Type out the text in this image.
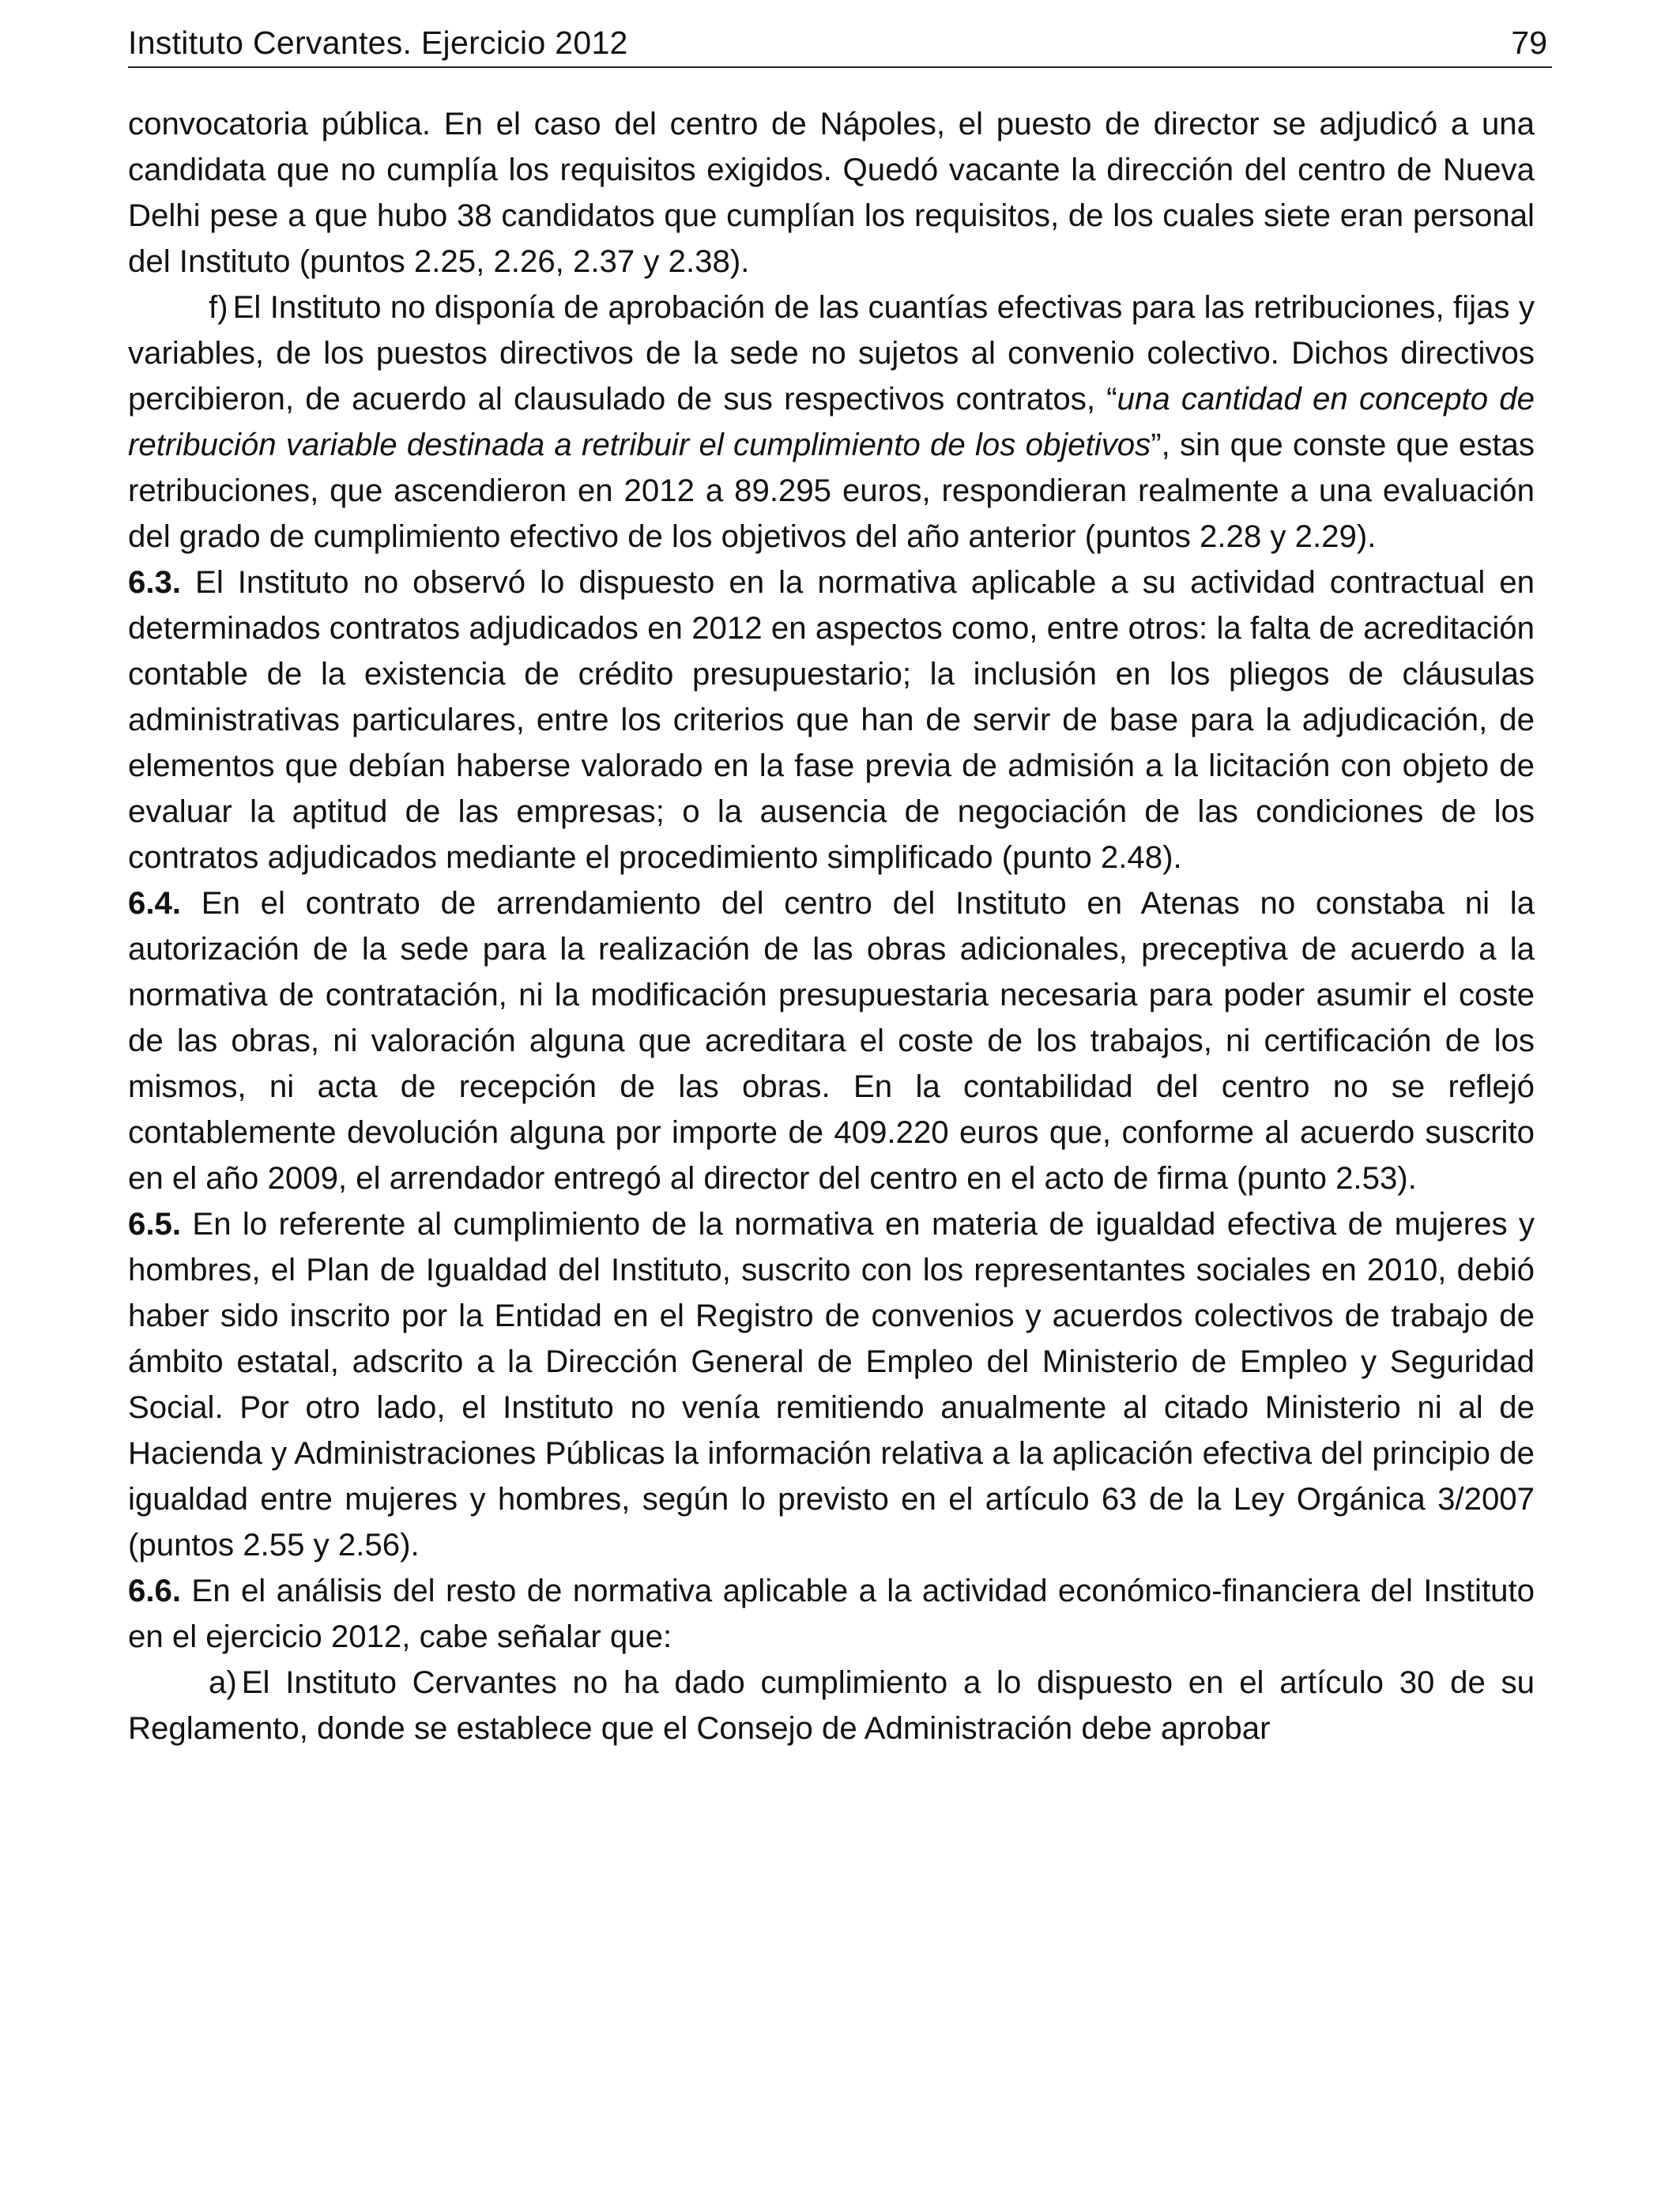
Instituto Cervantes. Ejercicio 2012	79

convocatoria pública. En el caso del centro de Nápoles, el puesto de director se adjudicó a una candidata que no cumplía los requisitos exigidos. Quedó vacante la dirección del centro de Nueva Delhi pese a que hubo 38 candidatos que cumplían los requisitos, de los cuales siete eran personal del Instituto (puntos 2.25, 2.26, 2.37 y 2.38).

f) El Instituto no disponía de aprobación de las cuantías efectivas para las retribuciones, fijas y variables, de los puestos directivos de la sede no sujetos al convenio colectivo. Dichos directivos percibieron, de acuerdo al clausulado de sus respectivos contratos, “una cantidad en concepto de retribución variable destinada a retribuir el cumplimiento de los objetivos”, sin que conste que estas retribuciones, que ascendieron en 2012 a 89.295 euros, respondieran realmente a una evaluación del grado de cumplimiento efectivo de los objetivos del año anterior (puntos 2.28 y 2.29).

6.3. El Instituto no observó lo dispuesto en la normativa aplicable a su actividad contractual en determinados contratos adjudicados en 2012 en aspectos como, entre otros: la falta de acreditación contable de la existencia de crédito presupuestario; la inclusión en los pliegos de cláusulas administrativas particulares, entre los criterios que han de servir de base para la adjudicación, de elementos que debían haberse valorado en la fase previa de admisión a la licitación con objeto de evaluar la aptitud de las empresas; o la ausencia de negociación de las condiciones de los contratos adjudicados mediante el procedimiento simplificado (punto 2.48).

6.4. En el contrato de arrendamiento del centro del Instituto en Atenas no constaba ni la autorización de la sede para la realización de las obras adicionales, preceptiva de acuerdo a la normativa de contratación, ni la modificación presupuestaria necesaria para poder asumir el coste de las obras, ni valoración alguna que acreditara el coste de los trabajos, ni certificación de los mismos, ni acta de recepción de las obras. En la contabilidad del centro no se reflejó contablemente devolución alguna por importe de 409.220 euros que, conforme al acuerdo suscrito en el año 2009, el arrendador entregó al director del centro en el acto de firma (punto 2.53).

6.5. En lo referente al cumplimiento de la normativa en materia de igualdad efectiva de mujeres y hombres, el Plan de Igualdad del Instituto, suscrito con los representantes sociales en 2010, debió haber sido inscrito por la Entidad en el Registro de convenios y acuerdos colectivos de trabajo de ámbito estatal, adscrito a la Dirección General de Empleo del Ministerio de Empleo y Seguridad Social. Por otro lado, el Instituto no venía remitiendo anualmente al citado Ministerio ni al de Hacienda y Administraciones Públicas la información relativa a la aplicación efectiva del principio de igualdad entre mujeres y hombres, según lo previsto en el artículo 63 de la Ley Orgánica 3/2007 (puntos 2.55 y 2.56).

6.6. En el análisis del resto de normativa aplicable a la actividad económico-financiera del Instituto en el ejercicio 2012, cabe señalar que:

a) El Instituto Cervantes no ha dado cumplimiento a lo dispuesto en el artículo 30 de su Reglamento, donde se establece que el Consejo de Administración debe aprobar
